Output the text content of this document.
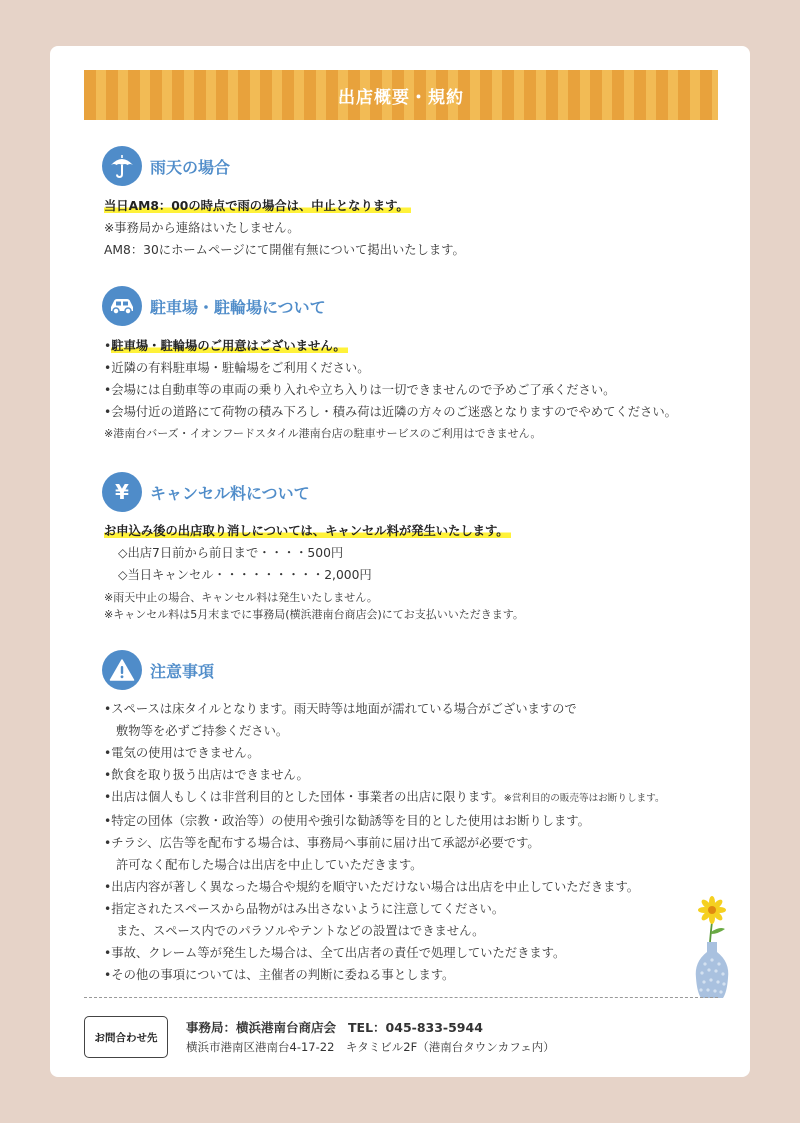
出店概要・規約
雨天の場合
当日AM8：00の時点で雨の場合は、中止となります。
※事務局から連絡はいたしません。
AM8：30にホームページにて開催有無について掲出いたします。
駐車場・駐輪場について
•駐車場・駐輪場のご用意はございません。
•近隣の有料駐車場・駐輪場をご利用ください。
•会場には自動車等の車両の乗り入れや立ち入りは一切できませんので予めご了承ください。
•会場付近の道路にて荷物の積み下ろし・積み荷は近隣の方々のご迷惑となりますのでやめてください。
※港南台バーズ・イオンフードスタイル港南台店の駐車サービスのご利用はできません。
¥ キャンセル料について
お申込み後の出店取り消しについては、キャンセル料が発生いたします。
◇出店7日前から前日まで・・・・500円
◇当日キャンセル・・・・・・・・・2,000円
※雨天中止の場合、キャンセル料は発生いたしません。
※キャンセル料は5月末までに事務局(横浜港南台商店会)にてお支払いいただきます。
注意事項
•スペースは床タイルとなります。雨天時等は地面が濡れている場合がございますので
敷物等を必ずご持参ください。
•電気の使用はできません。
•飲食を取り扱う出店はできません。
•出店は個人もしくは非営利目的とした団体・事業者の出店に限ります。※営利目的の販売等はお断りします。
•特定の団体（宗教・政治等）の使用や強引な勧誘等を目的とした使用はお断りします。
•チラシ、広告等を配布する場合は、事務局へ事前に届け出て承認が必要です。
許可なく配布した場合は出店を中止していただきます。
•出店内容が著しく異なった場合や規約を順守いただけない場合は出店を中止していただきます。
•指定されたスペースから品物がはみ出さないように注意してください。
また、スペース内でのパラソルやテントなどの設置はできません。
•事故、クレーム等が発生した場合は、全て出店者の責任で処理していただきます。
•その他の事項については、主催者の判断に委ねる事とします。
お問合わせ先
事務局：横浜港南台商店会 TEL：045-833-5944
横浜市港南区港南台4-17-22　キタミビル2F（港南台タウンカフェ内）
